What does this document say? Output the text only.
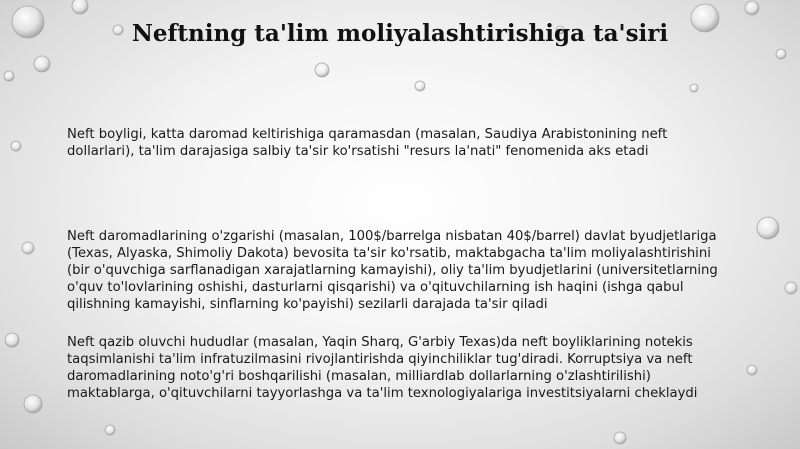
Neftning ta'lim moliyalashtirishiga ta'siri

Neft boyligi, katta daromad keltirishiga qaramasdan (masalan, Saudiya Arabistonining neft dollarlari), ta'lim darajasiga salbiy ta'sir ko'rsatishi "resurs la'nati" fenomenida aks etadi

Neft daromadlarining o'zgarishi (masalan, 100$/barrelga nisbatan 40$/barrel) davlat byudjetlariga (Texas, Alyaska, Shimoliy Dakota) bevosita ta'sir ko'rsatib, maktabgacha ta'lim moliyalashtirishini (bir o'quvchiga sarflanadigan xarajatlarning kamayishi), oliy ta'lim byudjetlarini (universitetlarning o'quv to'lovlarining oshishi, dasturlarni qisqarishi) va o'qituvchilarning ish haqini (ishga qabul qilishning kamayishi, sinflarning ko'payishi) sezilarli darajada ta'sir qiladi

Neft qazib oluvchi hududlar (masalan, Yaqin Sharq, G'arbiy Texas)da neft boyliklarining notekis taqsimlanishi ta'lim infratuzilmasini rivojlantirishda qiyinchiliklar tug'diradi. Korruptsiya va neft daromadlarining noto'g'ri boshqarilishi (masalan, milliardlab dollarlarning o'zlashtirilishi) maktablarga, o'qituvchilarni tayyorlashga va ta'lim texnologiyalariga investitsiyalarni cheklaydi
